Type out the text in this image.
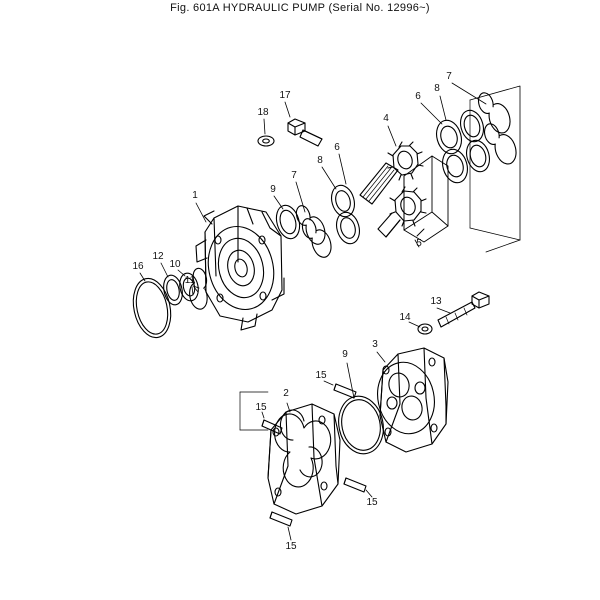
Fig. 601A HYDRAULIC PUMP (Serial No. 12996~)
1
2
3
4
5
6
6
7
7
8
8
9
9
10
11
12
13
14
15
15
15
15
16
17
18
